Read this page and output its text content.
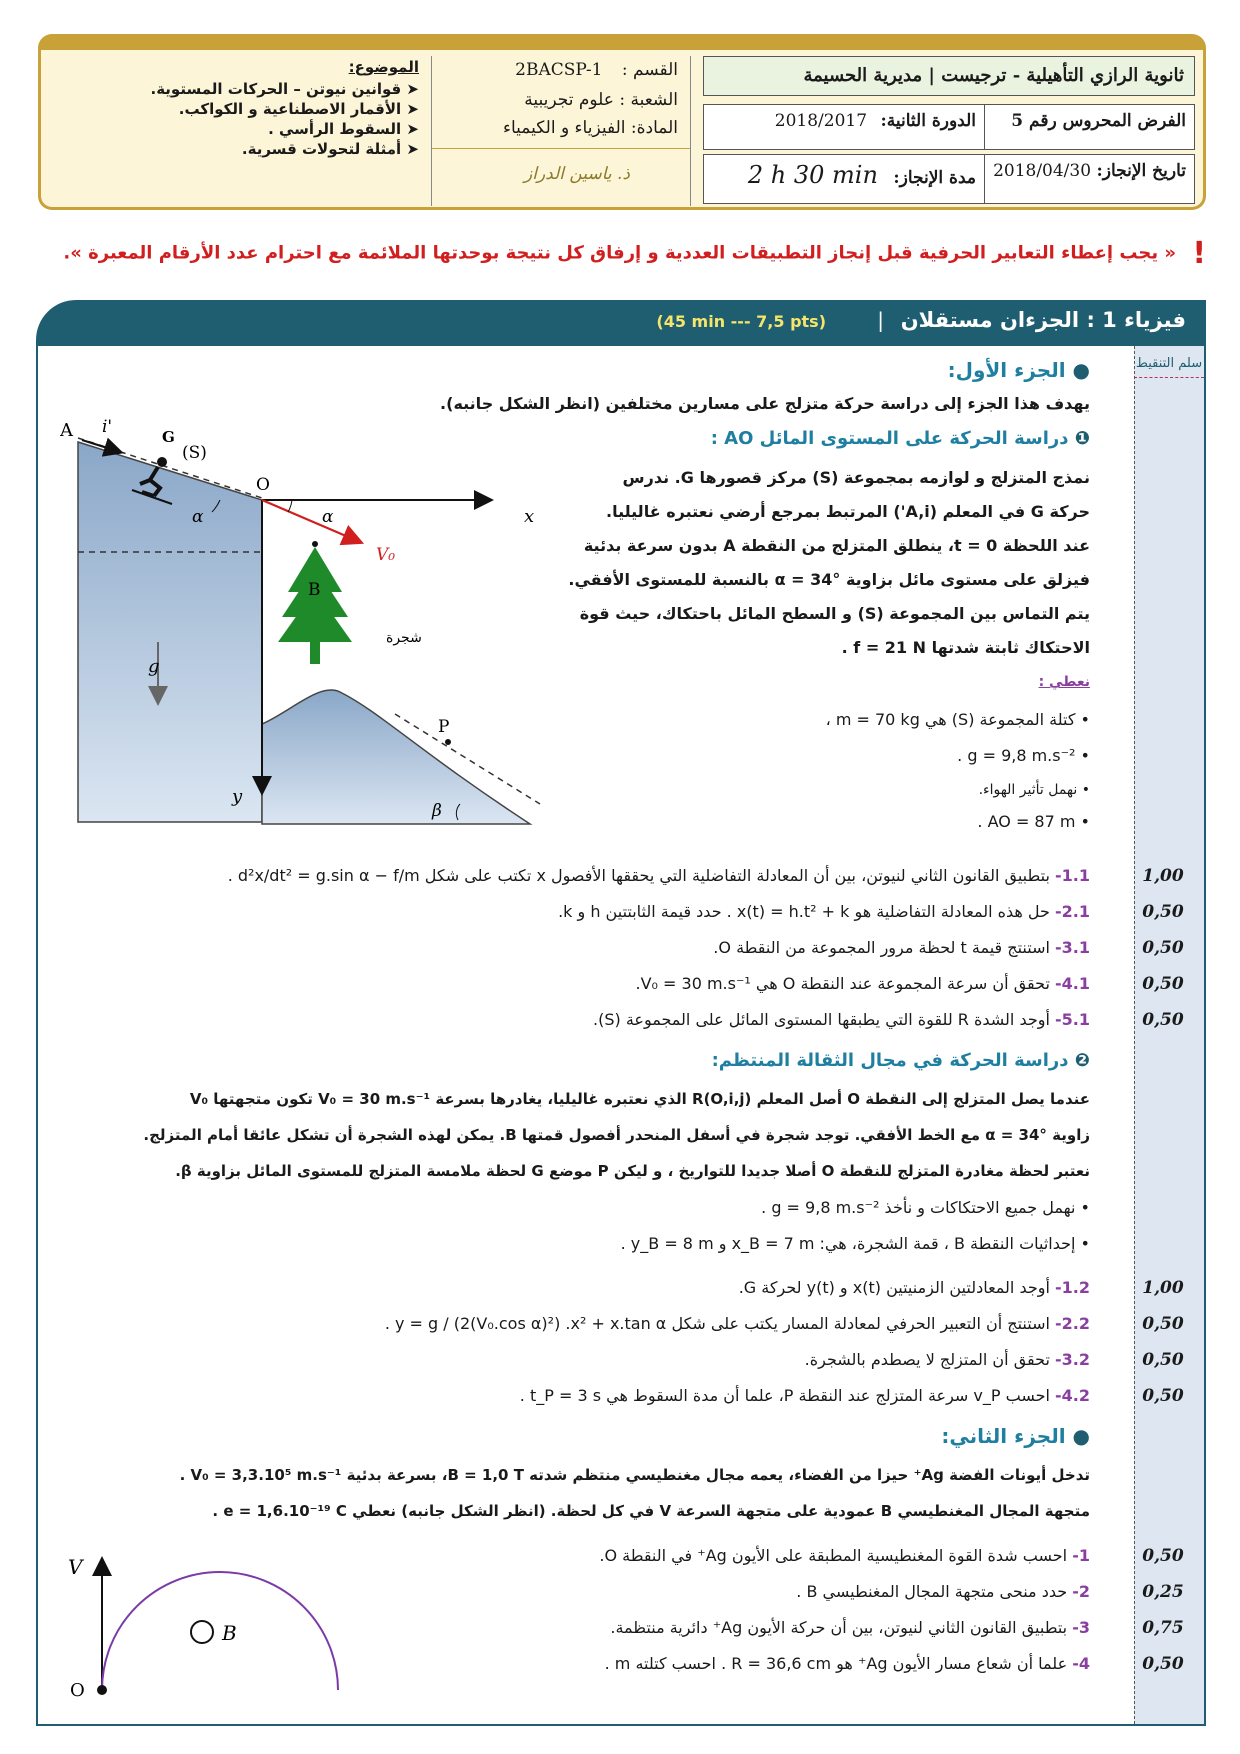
ثانوية الرازي التأهيلية - ترجيست | مديرية الحسيمة
الفرض المحروس رقم 5
الدورة الثانية: 2018/2017
تاريخ الإنجاز: 2018/04/30
مدة الإنجاز: 2 h 30 min
القسم : 2BACSP-1
الشعبة : علوم تجريبية
المادة: الفيزياء و الكيمياء
ذ. ياسين الدراز
الموضوع:
➤ قوانين نيوتن – الحركات المستوية.
➤ الأقمار الاصطناعية و الكواكب.
➤ السقوط الرأسي .
➤ أمثلة لتحولات قسرية.
! « يجب إعطاء التعابير الحرفية قبل إنجاز التطبيقات العددية و إرفاق كل نتيجة بوحدتها الملائمة مع احترام عدد الأرقام المعبرة ».
فيزياء 1 : الجزءان مستقلان
|
(45 min --- 7,5 pts)
سلم التنقيط
● الجزء الأول:
يهدف هذا الجزء إلى دراسة حركة متزلج على مسارين مختلفين (انظر الشكل جانبه).
❶ دراسة الحركة على المستوى المائل AO :
نمذج المتزلج و لوازمه بمجموعة (S) مركز قصورها G. ندرس
حركة G في المعلم (A,i') المرتبط بمرجع أرضي نعتبره غاليليا.
عند اللحظة t = 0، ينطلق المتزلج من النقطة A بدون سرعة بدئية
فيزلق على مستوى مائل بزاوية α = 34° بالنسبة للمستوى الأفقي.
يتم التماس بين المجموعة (S) و السطح المائل باحتكاك، حيث قوة
الاحتكاك ثابتة شدتها f = 21 N .
نعطي :
• كتلة المجموعة (S) هي m = 70 kg ،
• g = 9,8 m.s⁻² .
• نهمل تأثير الهواء.
• AO = 87 m .
A i'	G
(S)
O
α	α	x
V₀
B
شجرة
g
y
P
β
1.1- بتطبيق القانون الثاني لنيوتن، بين أن المعادلة التفاضلية التي يحققها الأفصول x تكتب على شكل d²x/dt² = g.sin α − f/m .	1,00
2.1- حل هذه المعادلة التفاضلية هو x(t) = h.t² + k . حدد قيمة الثابتتين h و k.	0,50
3.1- استنتج قيمة t لحظة مرور المجموعة من النقطة O.	0,50
4.1- تحقق أن سرعة المجموعة عند النقطة O هي V₀ = 30 m.s⁻¹.	0,50
5.1- أوجد الشدة R للقوة التي يطبقها المستوى المائل على المجموعة (S).	0,50
❷ دراسة الحركة في مجال الثقالة المنتظم:
عندما يصل المتزلج إلى النقطة O أصل المعلم R(O,i,j) الذي نعتبره غاليليا، يغادرها بسرعة V₀ = 30 m.s⁻¹ تكون متجهتها V₀
زاوية α = 34° مع الخط الأفقي. توجد شجرة في أسفل المنحدر أفصول قمتها B. يمكن لهذه الشجرة أن تشكل عائقا أمام المتزلج.
نعتبر لحظة مغادرة المتزلج للنقطة O أصلا جديدا للتواريخ ، و ليكن P موضع G لحظة ملامسة المتزلج للمستوى المائل بزاوية β.
• نهمل جميع الاحتكاكات و نأخذ g = 9,8 m.s⁻² .
• إحداثيات النقطة B ، قمة الشجرة، هي: x_B = 7 m و y_B = 8 m .
1.2- أوجد المعادلتين الزمنيتين x(t) و y(t) لحركة G.	1,00
2.2- استنتج أن التعبير الحرفي لمعادلة المسار يكتب على شكل y = g / (2(V₀.cos α)²) .x² + x.tan α .	0,50
3.2- تحقق أن المتزلج لا يصطدم بالشجرة.	0,50
4.2- احسب v_P سرعة المتزلج عند النقطة P، علما أن مدة السقوط هي t_P = 3 s .	0,50
● الجزء الثاني:
تدخل أيونات الفضة Ag⁺ حيزا من الفضاء، يعمه مجال مغنطيسي منتظم شدته B = 1,0 T، بسرعة بدئية V₀ = 3,3.10⁵ m.s⁻¹ .
متجهة المجال المغنطيسي B عمودية على متجهة السرعة V في كل لحظة. (انظر الشكل جانبه) نعطي e = 1,6.10⁻¹⁹ C .
V
B
O
1- احسب شدة القوة المغنطيسية المطبقة على الأيون Ag⁺ في النقطة O.	0,50
2- حدد منحى متجهة المجال المغنطيسي B .	0,25
3- بتطبيق القانون الثاني لنيوتن، بين أن حركة الأيون Ag⁺ دائرية منتظمة.	0,75
4- علما أن شعاع مسار الأيون Ag⁺ هو R = 36,6 cm . احسب كتلته m .	0,50
